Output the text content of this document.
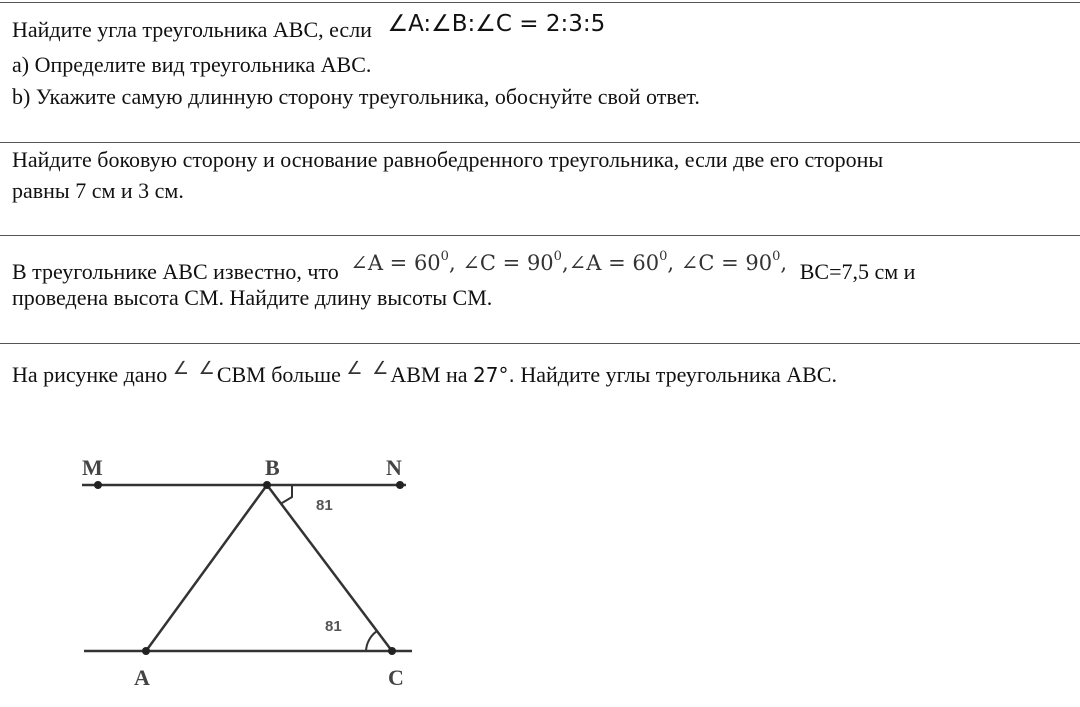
Найдите угла треугольника ABC, если ∠A:∠B:∠C = 2:3:5
a) Определите вид треугольника ABC.
b) Укажите самую длинную сторону треугольника, обоснуйте свой ответ.
Найдите боковую сторону и основание равнобедренного треугольника, если две его стороны
равны 7 см и 3 см.
В треугольнике ABC известно, что ∠A = $60^0$, ∠C = $90^0,\angle A = 60^0$, ∠C = $90^0$, BC=7,5 см и
проведена высота CM. Найдите длину высоты CM.
На рисунке дано ∠ ∠CBM больше ∠ ∠ABM на 27°. Найдите углы треугольника ABC.
M	B	N
A	C
81
81
